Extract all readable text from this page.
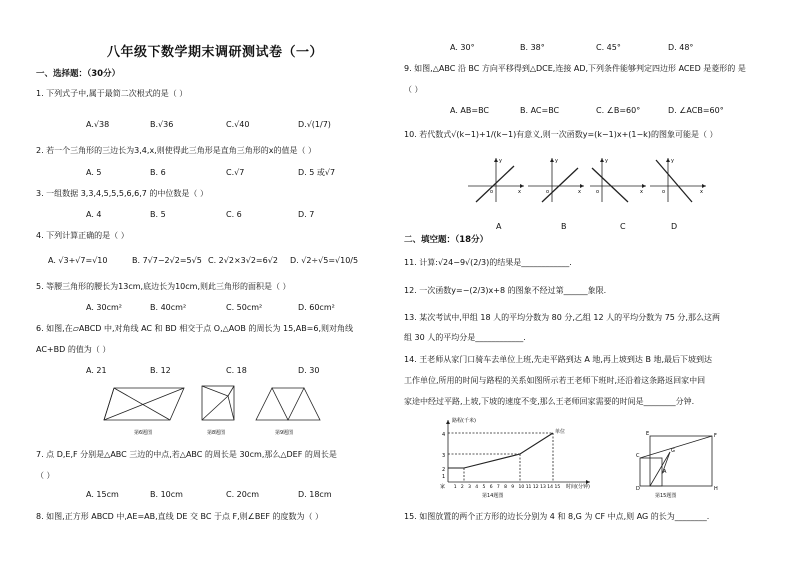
八年级下数学期末调研测试卷（一）
一、选择题：（30分）
1. 下列式子中,属于最简二次根式的是（ ）
A.√38	B.√36	C.√40	D.√(1/7)
2. 若一个三角形的三边长为3,4,x,则使得此三角形是直角三角形的x的值是（ ）
A. 5	B. 6	C.√7	D. 5 或√7
3. 一组数据 3,3,4,5,5,5,6,6,7 的中位数是（ ）
A. 4	B. 5	C. 6	D. 7
4. 下列计算正确的是（ ）
A. √3+√7=√10	B. 7√7−2√2=5√5 C. 2√2×3√2=6√2 D. √2÷√5=√10/5
5. 等腰三角形的腰长为13cm,底边长为10cm,则此三角形的面积是（ ）
A. 30cm²	B. 40cm²	C. 50cm²	D. 60cm²
6. 如图,在▱ABCD 中,对角线 AC 和 BD 相交于点 O,△AOB 的周长为 15,AB=6,则对角线
AC+BD 的值为（ ）
A. 21	B. 12	C. 18	D. 30
第6题图	第8题图	第9题图
7. 点 D,E,F 分别是△ABC 三边的中点,若△ABC 的周长是 30cm,那么△DEF 的周长是
（ ）
A. 15cm	B. 10cm	C. 20cm	D. 18cm
8. 如图,正方形 ABCD 中,AE=AB,直线 DE 交 BC 于点 F,则∠BEF 的度数为（ ）
A. 30°	B. 38°	C. 45°	D. 48°
9. 如图,△ABC 沿 BC 方向平移得到△DCE,连接 AD,下列条件能够判定四边形 ACED 是菱形的 是
（ ）
A. AB=BC	B. AC=BC	C. ∠B=60°	D. ∠ACB=60°
10. 若代数式√(k−1)+1/(k−1)有意义,则一次函数y=(k−1)x+(1−k)的图象可能是（ ）
y
x
o
y
x
o
y
x
o
y
x
o
A	B	C	D
二、填空题：（18分）
11. 计算:√24−9√(2/3)的结果是____________.
12. 一次函数y=−(2/3)x+8 的图象不经过第______象限.
13. 某次考试中,甲组 18 人的平均分数为 80 分,乙组 12 人的平均分数为 75 分,那么这两
组 30 人的平均分是____________.
14. 王老师从家门口骑车去单位上班,先走平路到达 A 地,再上坡到达 B 地,最后下坡到达
工作单位,所用的时间与路程的关系如图所示若王老师下班时,还沿着这条路返回家中回
家途中经过平路,上坡,下坡的速度不变,那么王老师回家需要的时间是________分钟.
路程(千米)
时间(分钟)
家
单位
1
2
3
4
1 2 3 4 5 6 7 8 9 10 11 12 13 14 15
第14题图
E	F
C
G
A
H
D
第15题图
15. 如图放置的两个正方形的边长分别为 4 和 8,G 为 CF 中点,则 AG 的长为________.
